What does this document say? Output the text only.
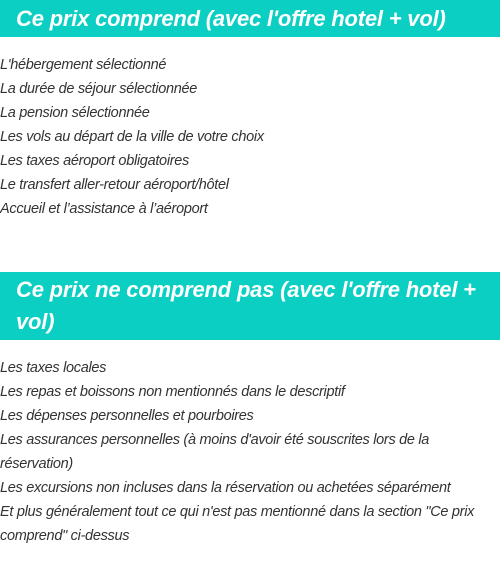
Ce prix comprend (avec l'offre hotel + vol)
L'hébergement sélectionné
La durée de séjour sélectionnée
La pension sélectionnée
Les vols au départ de la ville de votre choix
Les taxes aéroport obligatoires
Le transfert aller-retour aéroport/hôtel
Accueil et l’assistance à l’aéroport
Ce prix ne comprend pas (avec l'offre hotel + vol)
Les taxes locales
Les repas et boissons non mentionnés dans le descriptif
Les dépenses personnelles et pourboires
Les assurances personnelles (à moins d'avoir été souscrites lors de la réservation)
Les excursions non incluses dans la réservation ou achetées séparément
Et plus généralement tout ce qui n'est pas mentionné dans la section "Ce prix comprend" ci-dessus
